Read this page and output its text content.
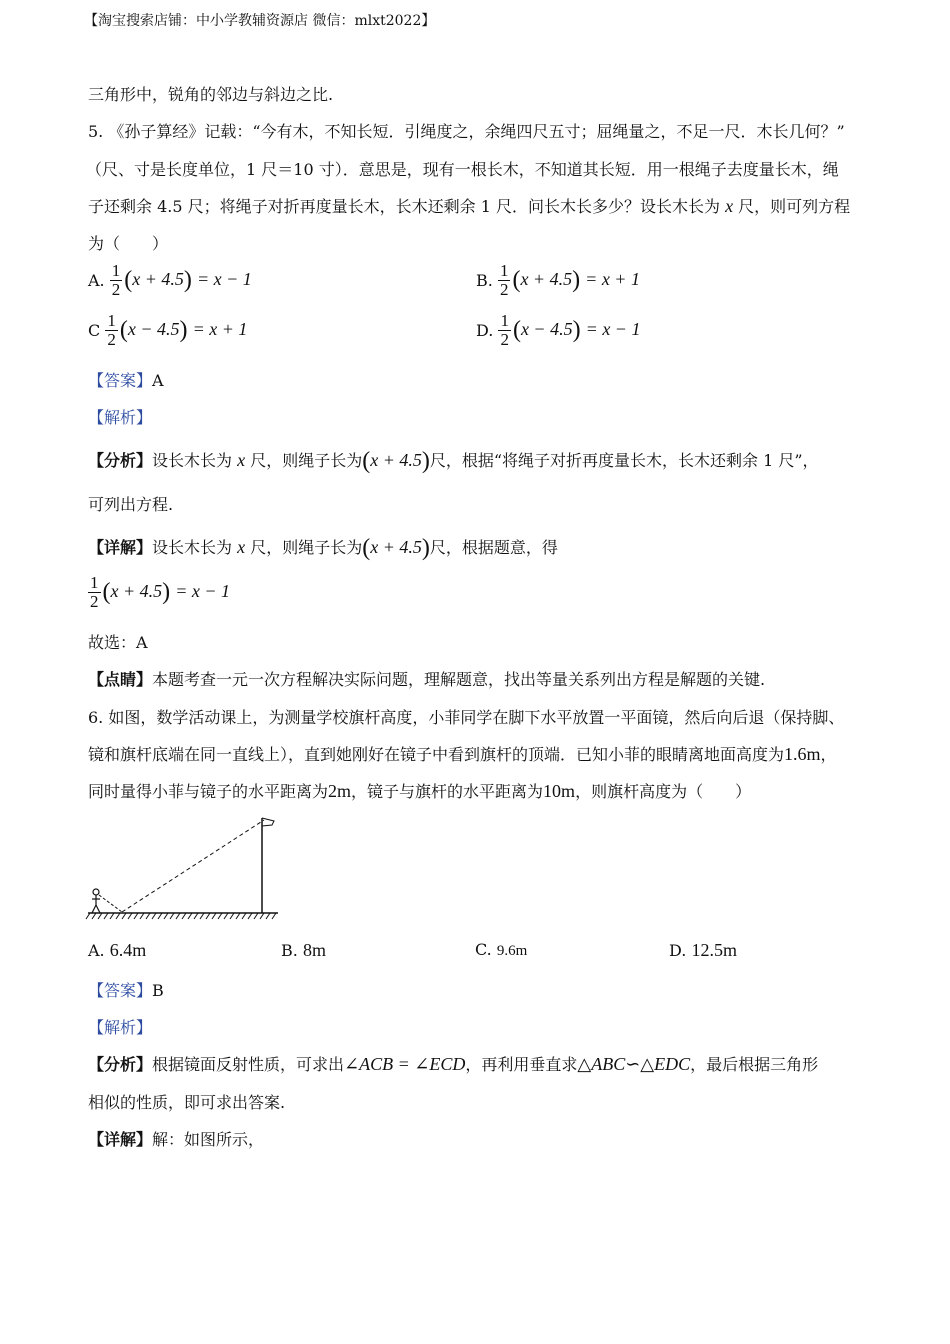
【淘宝搜索店铺：中小学教辅资源店 微信：mlxt2022】
三角形中，锐角的邻边与斜边之比.
5. 《孙子算经》记载：“今有木，不知长短．引绳度之，余绳四尺五寸；屈绳量之，不足一尺．木长几何？”
（尺、寸是长度单位，1 尺＝10 寸）．意思是，现有一根长木，不知道其长短．用一根绳子去度量长木，绳
子还剩余 4.5 尺；将绳子对折再度量长木，长木还剩余 1 尺．问长木长多少？设长木长为 x 尺，则可列方程
为（　　）
A. $\frac{1}{2} (x + 4.5) = x - 1$	B. $\frac{1}{2} (x + 4.5) = x + 1$
C $\frac{1}{2} (x - 4.5) = x + 1$	D. $\frac{1}{2} (x - 4.5) = x - 1$
【答案】A
【解析】
【分析】设长木长为 x 尺，则绳子长为(x + 4.5)尺，根据“将绳子对折再度量长木，长木还剩余 1 尺”，
可列出方程.
【详解】设长木长为 x 尺，则绳子长为(x + 4.5)尺，根据题意，得
$\frac{1}{2} (x + 4.5) = x - 1$
故选：A
【点睛】本题考查一元一次方程解决实际问题，理解题意，找出等量关系列出方程是解题的关键.
6. 如图，数学活动课上，为测量学校旗杆高度，小菲同学在脚下水平放置一平面镜，然后向后退（保持脚、
镜和旗杆底端在同一直线上），直到她刚好在镜子中看到旗杆的顶端．已知小菲的眼睛离地面高度为1.6m，
同时量得小菲与镜子的水平距离为2m，镜子与旗杆的水平距离为10m，则旗杆高度为（　　）
A. 6.4m	B. 8m	C. 9.6m	D. 12.5m
【答案】B
【解析】
【分析】根据镜面反射性质，可求出∠ACB = ∠ECD，再利用垂直求△ABC∽△EDC，最后根据三角形
相似的性质，即可求出答案.
【详解】解：如图所示，
